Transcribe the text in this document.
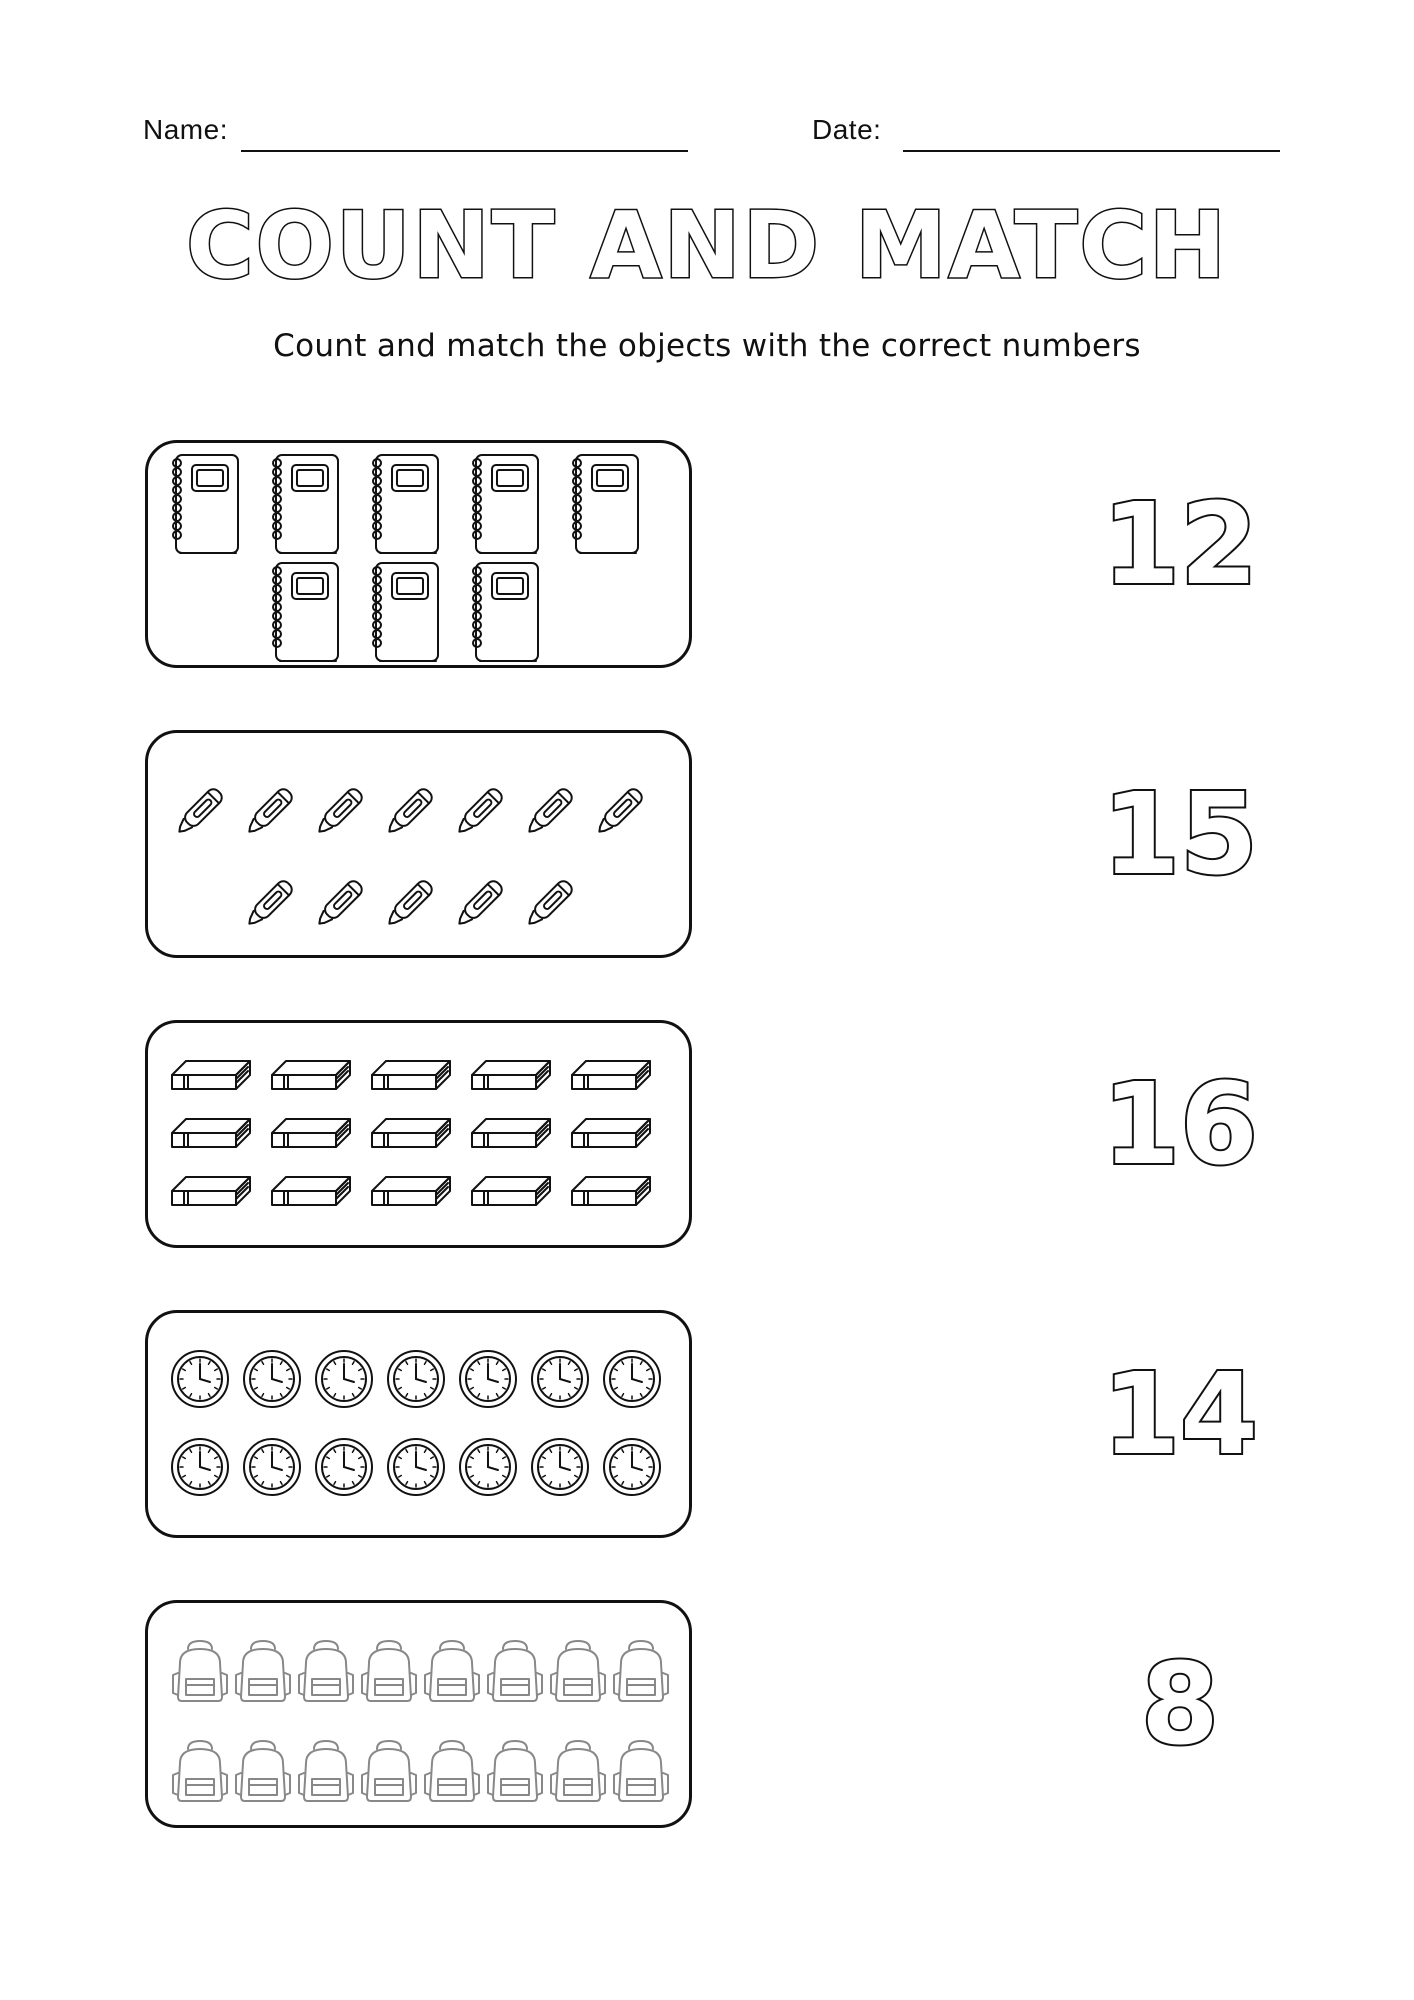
Name:	Date:
COUNT AND MATCH
Count and match the objects with the correct numbers
12
15
16
14
8
